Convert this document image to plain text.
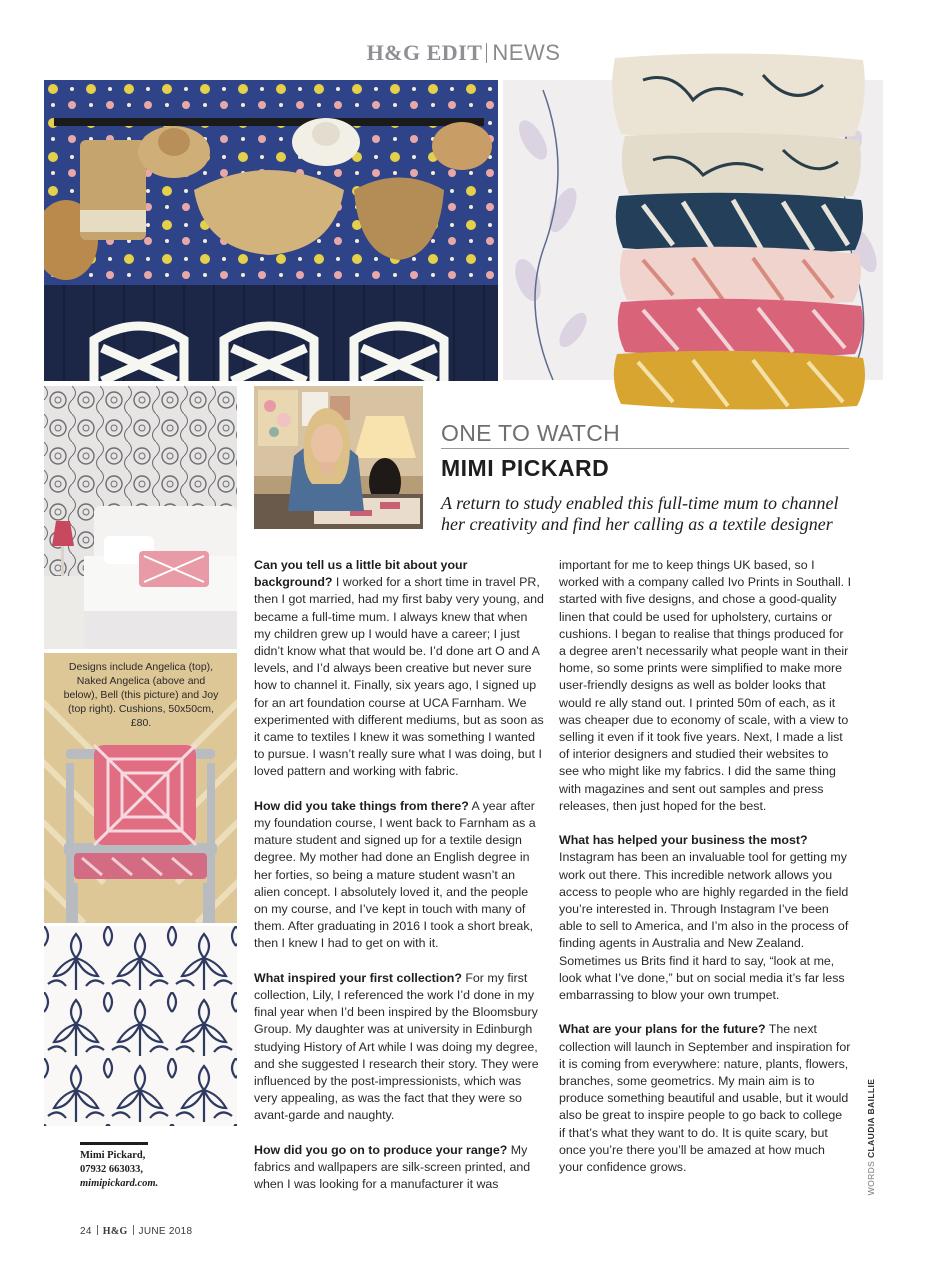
H&G EDIT NEWS
Designs include Angelica (top), Naked Angelica (above and below), Bell (this picture) and Joy (top right). Cushions, 50x50cm, £80.
ONE TO WATCH
MIMI PICKARD
A return to study enabled this full-time mum to channel her creativity and find her calling as a textile designer

Can you tell us a little bit about your background? I worked for a short time in travel PR, then I got married, had my first baby very young, and became a full-time mum. I always knew that when my children grew up I would have a career; I just didn’t know what that would be. I’d done art O and A levels, and I’d always been creative but never sure how to channel it. Finally, six years ago, I signed up for an art foundation course at UCA Farnham. We experimented with different mediums, but as soon as it came to textiles I knew it was something I wanted to pursue. I wasn’t really sure what I was doing, but I loved pattern and working with fabric.

How did you take things from there? A year after my foundation course, I went back to Farnham as a mature student and signed up for a textile design degree. My mother had done an English degree in her forties, so being a mature student wasn’t an alien concept. I absolutely loved it, and the people on my course, and I’ve kept in touch with many of them. After graduating in 2016 I took a short break, then I knew I had to get on with it.

What inspired your first collection? For my first collection, Lily, I referenced the work I’d done in my final year when I’d been inspired by the Bloomsbury Group. My daughter was at university in Edinburgh studying History of Art while I was doing my degree, and she suggested I research their story. They were influenced by the post-impressionists, which was very appealing, as was the fact that they were so avant-garde and naughty.

How did you go on to produce your range? My fabrics and wallpapers are silk-screen printed, and when I was looking for a manufacturer it was

important for me to keep things UK based, so I worked with a company called Ivo Prints in Southall. I started with five designs, and chose a good-quality linen that could be used for upholstery, curtains or cushions. I began to realise that things produced for a degree aren’t necessarily what people want in their home, so some prints were simplified to make more user-friendly designs as well as bolder looks that would re ally stand out. I printed 50m of each, as it was cheaper due to economy of scale, with a view to selling it even if it took five years. Next, I made a list of interior designers and studied their websites to see who might like my fabrics. I did the same thing with magazines and sent out samples and press releases, then just hoped for the best.

What has helped your business the most? Instagram has been an invaluable tool for getting my work out there. This incredible network allows you access to people who are highly regarded in the field you’re interested in. Through Instagram I’ve been able to sell to America, and I’m also in the process of finding agents in Australia and New Zealand. Sometimes us Brits find it hard to say, “look at me, look what I’ve done,” but on social media it’s far less embarrassing to blow your own trumpet.

What are your plans for the future? The next collection will launch in September and inspiration for it is coming from everywhere: nature, plants, flowers, branches, some geometrics. My main aim is to produce something beautiful and usable, but it would also be great to inspire people to go back to college if that’s what they want to do. It is quite scary, but once you’re there you’ll be amazed at how much your confidence grows.

Mimi Pickard,
07932 663033,
mimipickard.com.	WORDS CLAUDIA BAILLIE
24 H&G JUNE 2018
